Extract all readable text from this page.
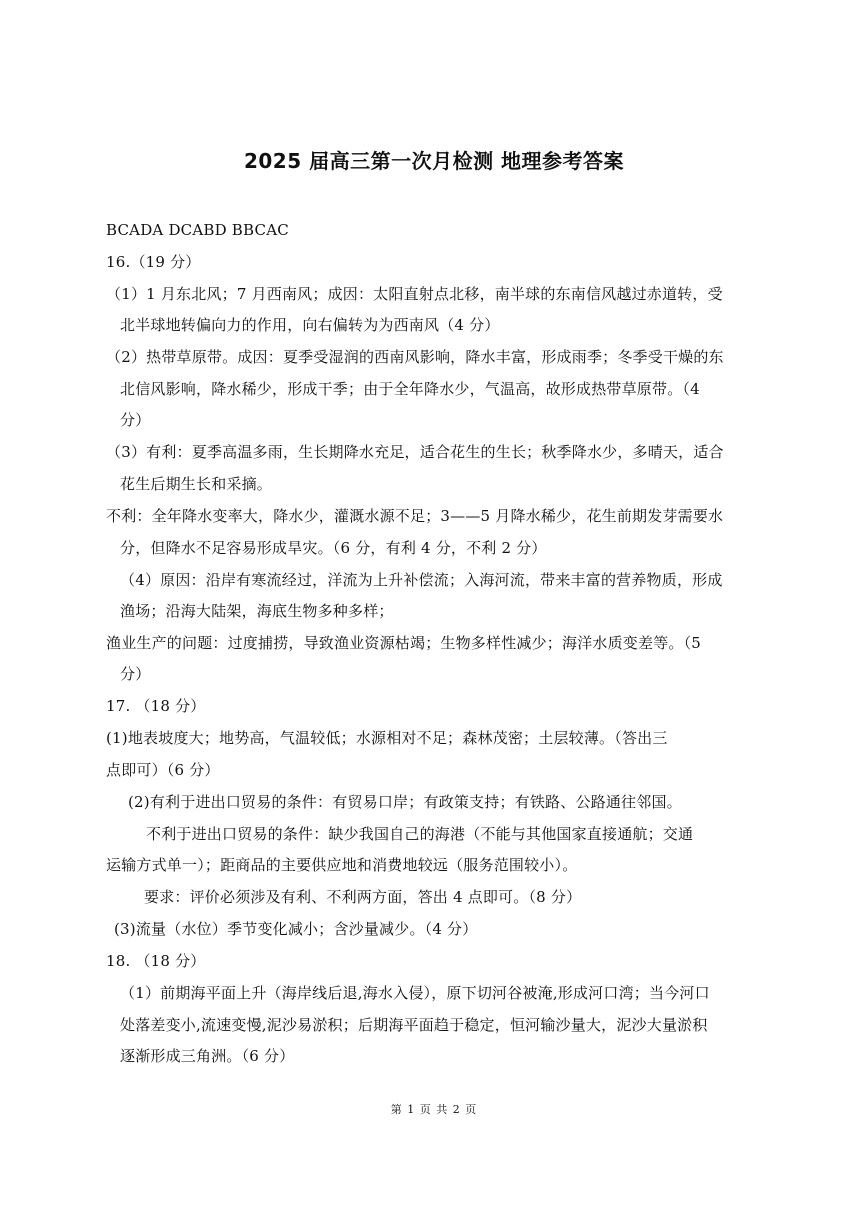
2025 届高三第一次月检测 地理参考答案
BCADA DCABD BBCAC
16.（19 分）
（1）1 月东北风；7 月西南风；成因：太阳直射点北移，南半球的东南信风越过赤道转，受
北半球地转偏向力的作用，向右偏转为为西南风（4 分）
（2）热带草原带。成因：夏季受湿润的西南风影响，降水丰富，形成雨季；冬季受干燥的东
北信风影响，降水稀少，形成干季；由于全年降水少，气温高，故形成热带草原带。（4
分）
（3）有利：夏季高温多雨，生长期降水充足，适合花生的生长；秋季降水少，多晴天，适合
花生后期生长和采摘。
不利：全年降水变率大，降水少，灌溉水源不足；3——5 月降水稀少，花生前期发芽需要水
分，但降水不足容易形成旱灾。（6 分，有利 4 分，不利 2 分）
（4）原因：沿岸有寒流经过，洋流为上升补偿流；入海河流，带来丰富的营养物质，形成
渔场；沿海大陆架，海底生物多种多样；
渔业生产的问题：过度捕捞，导致渔业资源枯竭；生物多样性减少；海洋水质变差等。（5
分）
17. （18 分）
(1)地表坡度大；地势高，气温较低；水源相对不足；森林茂密；土层较薄。（答出三
点即可）（6 分）
(2)有利于进出口贸易的条件：有贸易口岸；有政策支持；有铁路、公路通往邻国。
不利于进出口贸易的条件：缺少我国自己的海港（不能与其他国家直接通航；交通
运输方式单一）；距商品的主要供应地和消费地较远（服务范围较小）。
要求：评价必须涉及有利、不利两方面，答出 4 点即可。（8 分）
(3)流量（水位）季节变化减小；含沙量减少。（4 分）
18. （18 分）
（1）前期海平面上升（海岸线后退,海水入侵），原下切河谷被淹,形成河口湾；当今河口
处落差变小,流速变慢,泥沙易淤积；后期海平面趋于稳定，恒河输沙量大，泥沙大量淤积
逐渐形成三角洲。（6 分）
第 1 页 共 2 页
